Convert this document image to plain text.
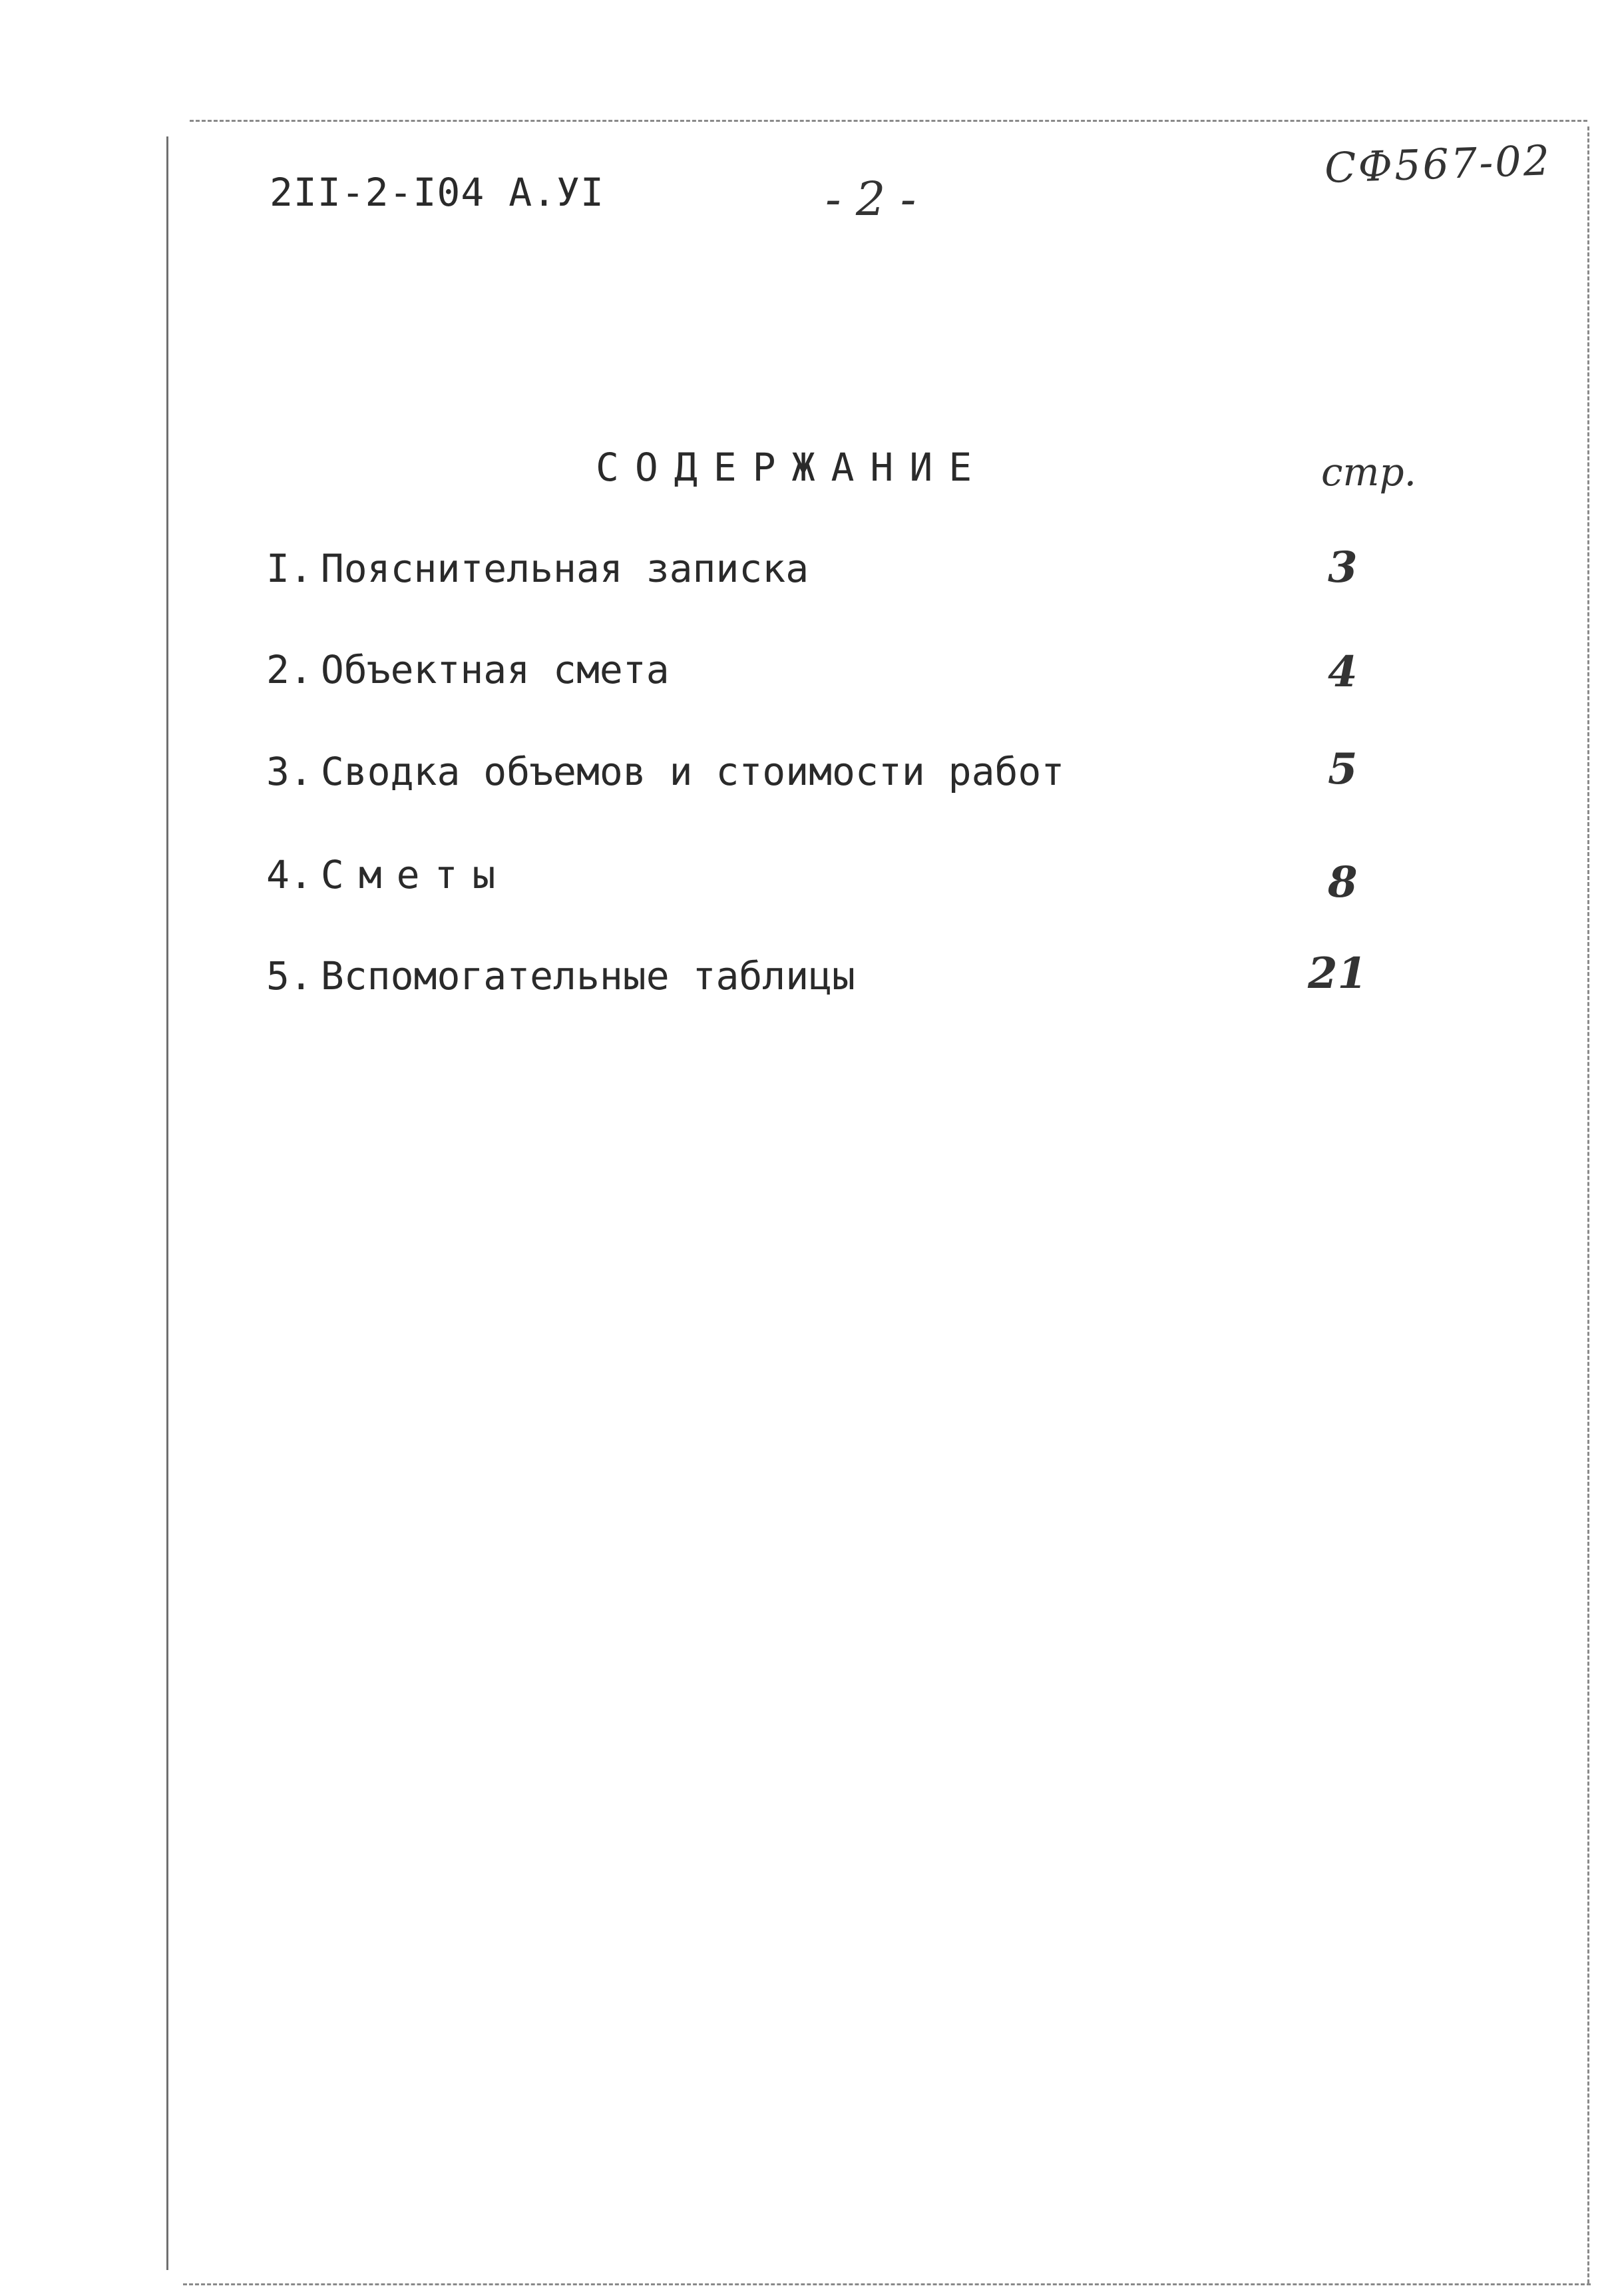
2II-2-I04 А.УI	- 2 -
СФ567-02
СОДЕРЖАНИЕ	стр.
I. Пояснительная записка	3
2. Объектная смета	4
3. Сводка объемов и стоимости работ	5
4. Сметы	8
5. Вспомогательные таблицы	21
